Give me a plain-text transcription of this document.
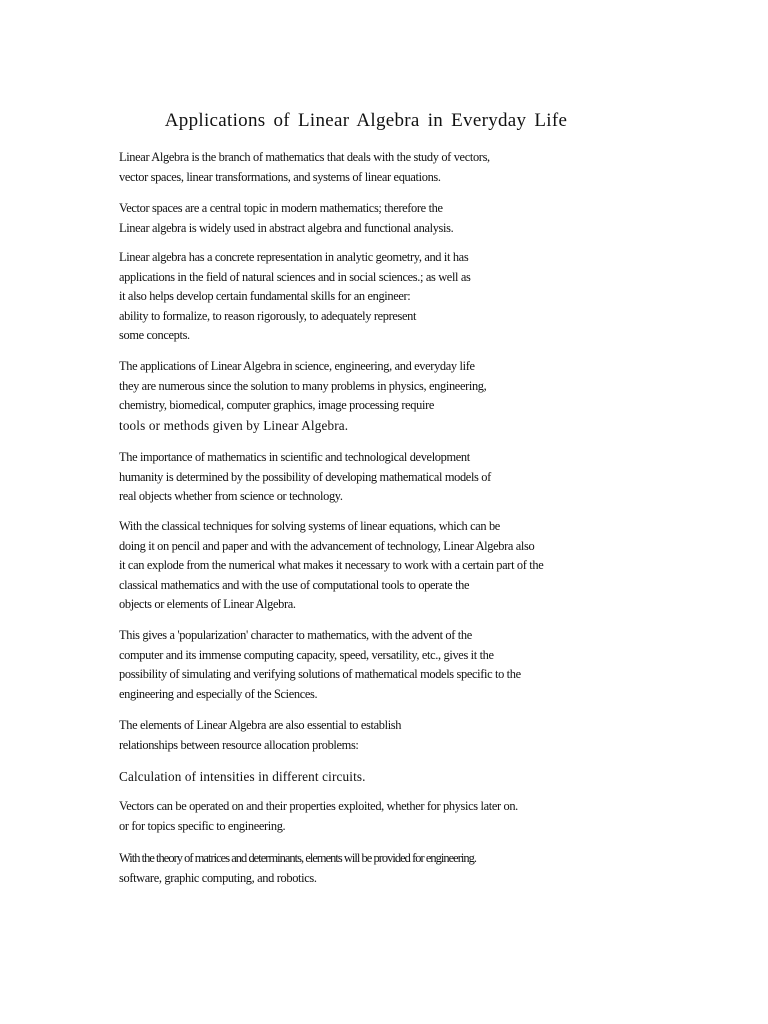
Applications of Linear Algebra in Everyday Life

Linear Algebra is the branch of mathematics that deals with the study of vectors,
vector spaces, linear transformations, and systems of linear equations.

Vector spaces are a central topic in modern mathematics; therefore the
Linear algebra is widely used in abstract algebra and functional analysis.

Linear algebra has a concrete representation in analytic geometry, and it has
applications in the field of natural sciences and in social sciences.; as well as
it also helps develop certain fundamental skills for an engineer:
ability to formalize, to reason rigorously, to adequately represent
some concepts.

The applications of Linear Algebra in science, engineering, and everyday life
they are numerous since the solution to many problems in physics, engineering,
chemistry, biomedical, computer graphics, image processing require
tools or methods given by Linear Algebra.

The importance of mathematics in scientific and technological development
humanity is determined by the possibility of developing mathematical models of
real objects whether from science or technology.

With the classical techniques for solving systems of linear equations, which can be
doing it on pencil and paper and with the advancement of technology, Linear Algebra also
it can explode from the numerical what makes it necessary to work with a certain part of the
classical mathematics and with the use of computational tools to operate the
objects or elements of Linear Algebra.

This gives a 'popularization' character to mathematics, with the advent of the
computer and its immense computing capacity, speed, versatility, etc., gives it the
possibility of simulating and verifying solutions of mathematical models specific to the
engineering and especially of the Sciences.

The elements of Linear Algebra are also essential to establish
relationships between resource allocation problems:

Calculation of intensities in different circuits.

Vectors can be operated on and their properties exploited, whether for physics later on.
or for topics specific to engineering.

With the theory of matrices and determinants, elements will be provided for engineering.
software, graphic computing, and robotics.
